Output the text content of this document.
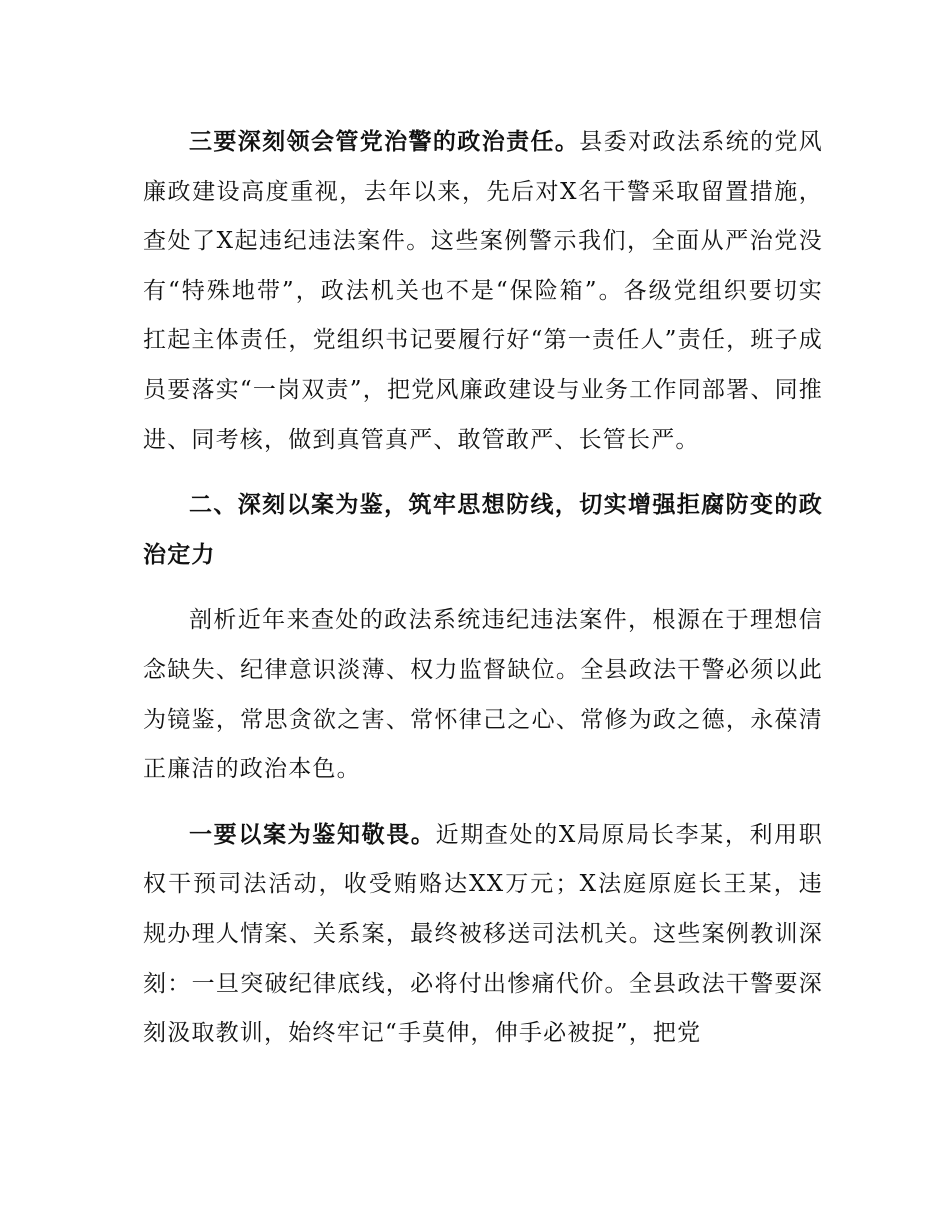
三要深刻领会管党治警的政治责任。县委对政法系统的党风廉政建设高度重视，去年以来，先后对X名干警采取留置措施，查处了X起违纪违法案件。这些案例警示我们，全面从严治党没有“特殊地带”，政法机关也不是“保险箱”。各级党组织要切实扛起主体责任，党组织书记要履行好“第一责任人”责任，班子成员要落实“一岗双责”，把党风廉政建设与业务工作同部署、同推进、同考核，做到真管真严、敢管敢严、长管长严。

二、深刻以案为鉴，筑牢思想防线，切实增强拒腐防变的政治定力

剖析近年来查处的政法系统违纪违法案件，根源在于理想信念缺失、纪律意识淡薄、权力监督缺位。全县政法干警必须以此为镜鉴，常思贪欲之害、常怀律己之心、常修为政之德，永葆清正廉洁的政治本色。

一要以案为鉴知敬畏。近期查处的X局原局长李某，利用职权干预司法活动，收受贿赂达XX万元；X法庭原庭长王某，违规办理人情案、关系案，最终被移送司法机关。这些案例教训深刻：一旦突破纪律底线，必将付出惨痛代价。全县政法干警要深刻汲取教训，始终牢记“手莫伸，伸手必被捉”，把党
